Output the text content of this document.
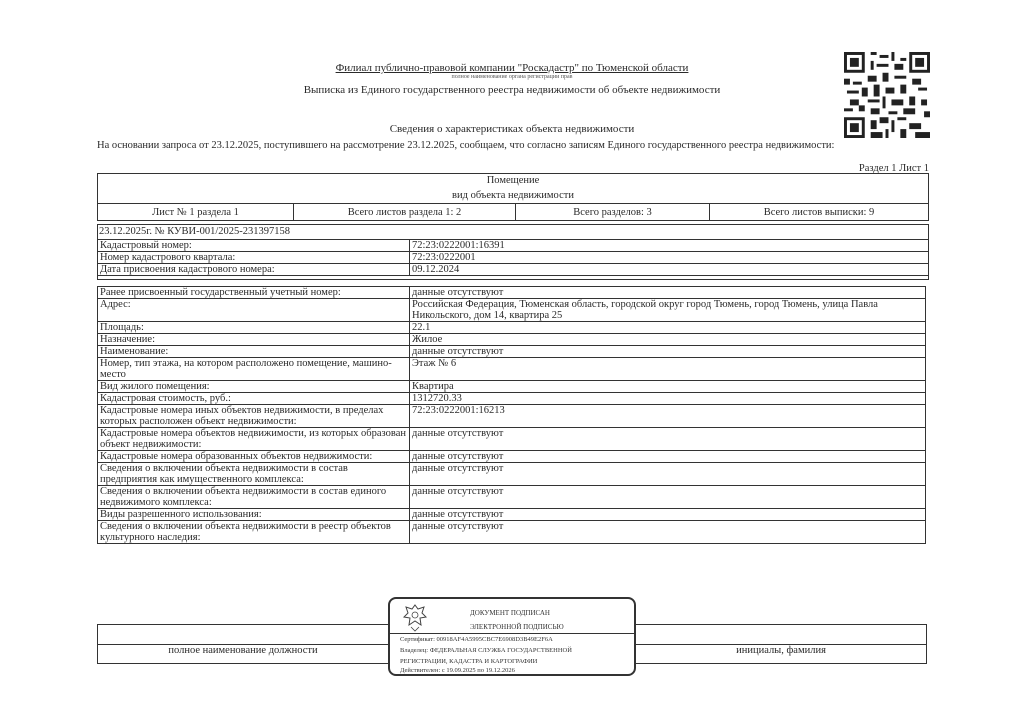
Филиал публично-правовой компании "Роскадастр" по Тюменской области
полное наименование органа регистрации прав
Выписка из Единого государственного реестра недвижимости об объекте недвижимости
Сведения о характеристиках объекта недвижимости
На основании запроса от 23.12.2025, поступившего на рассмотрение 23.12.2025, сообщаем, что согласно записям Единого государственного реестра недвижимости:
Раздел 1 Лист 1
Помещение
вид объекта недвижимости
Лист № 1 раздела 1	Всего листов раздела 1: 2	Всего разделов: 3	Всего листов выписки: 9
23.12.2025г. № КУВИ-001/2025-231397158
Кадастровый номер:	72:23:0222001:16391
Номер кадастрового квартала:	72:23:0222001
Дата присвоения кадастрового номера:	09.12.2024
Ранее присвоенный государственный учетный номер:	данные отсутствуют
Адрес:	Российская Федерация, Тюменская область, городской округ город Тюмень, город Тюмень, улица Павла Никольского, дом 14, квартира 25
Площадь:	22.1
Назначение:	Жилое
Наименование:	данные отсутствуют
Номер, тип этажа, на котором расположено помещение, машино-место	Этаж № 6
Вид жилого помещения:	Квартира
Кадастровая стоимость, руб.:	1312720.33
Кадастровые номера иных объектов недвижимости, в пределах которых расположен объект недвижимости:	72:23:0222001:16213
Кадастровые номера объектов недвижимости, из которых образован объект недвижимости:	данные отсутствуют
Кадастровые номера образованных объектов недвижимости:	данные отсутствуют
Сведения о включении объекта недвижимости в состав предприятия как имущественного комплекса:	данные отсутствуют
Сведения о включении объекта недвижимости в состав единого недвижимого комплекса:	данные отсутствуют
Виды разрешенного использования:	данные отсутствуют
Сведения о включении объекта недвижимости в реестр объектов культурного наследия:	данные отсутствуют
полное наименование должности	инициалы, фамилия
ДОКУМЕНТ ПОДПИСАН
ЭЛЕКТРОННОЙ ПОДПИСЬЮ
Сертификат: 00918AF4А5995СВС7Е6908D3В49Е2F6А
Владелец: ФЕДЕРАЛЬНАЯ СЛУЖБА ГОСУДАРСТВЕННОЙ
РЕГИСТРАЦИИ, КАДАСТРА И КАРТОГРАФИИ
Действителен: с 19.09.2025 по 19.12.2026
